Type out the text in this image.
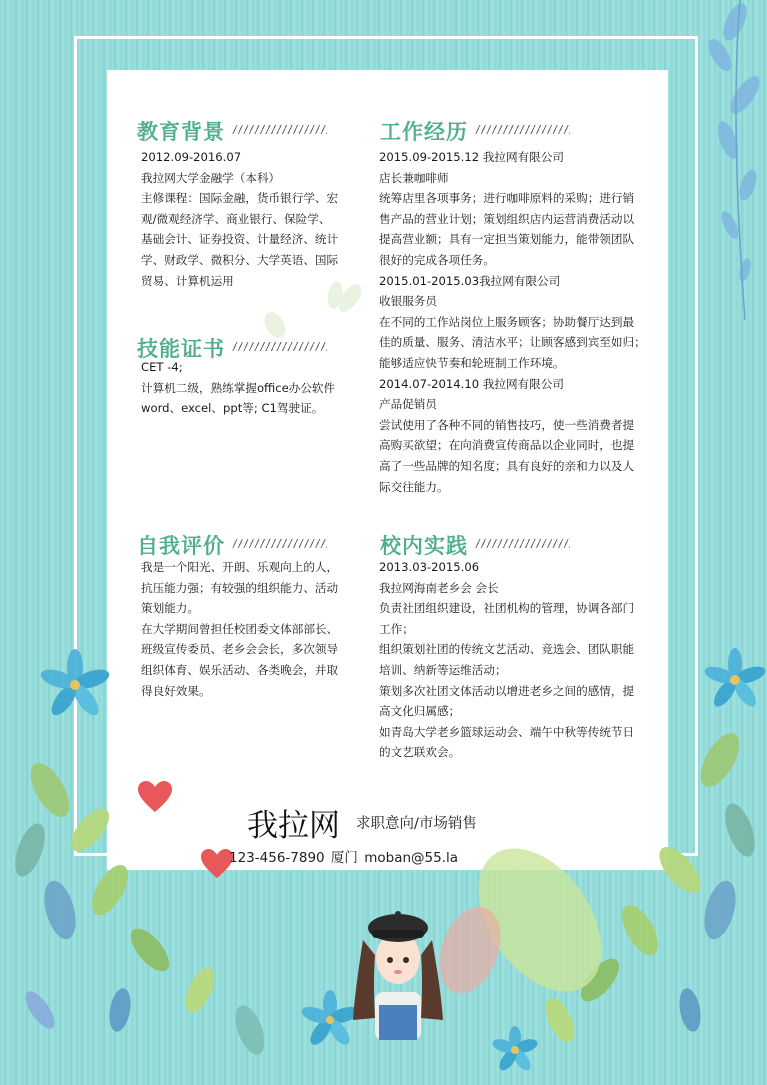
教育背景
2012.09-2016.07
我拉网大学金融学（本科）
主修课程：国际金融，货币银行学、宏
观/微观经济学、商业银行、保险学、
基础会计、证券投资、计量经济、统计
学、财政学、微积分、大学英语、国际
贸易、计算机运用
技能证书
CET -4;
计算机二级，熟练掌握office办公软件
word、excel、ppt等; C1驾驶证。
自我评价
我是一个阳光、开朗、乐观向上的人，
抗压能力强；有较强的组织能力、活动
策划能力。
在大学期间曾担任校团委文体部部长、
班级宣传委员、老乡会会长，多次领导
组织体育、娱乐活动、各类晚会，并取
得良好效果。
工作经历
2015.09-2015.12 我拉网有限公司
店长兼咖啡师
统筹店里各项事务；进行咖啡原料的采购；进行销
售产品的营业计划；策划组织店内运营消费活动以
提高营业额；具有一定担当策划能力，能带领团队
很好的完成各项任务。
2015.01-2015.03我拉网有限公司
收银服务员
在不同的工作站岗位上服务顾客；协助餐厅达到最
佳的质量、服务、清洁水平；让顾客感到宾至如归；
能够适应快节奏和轮班制工作环境。
2014.07-2014.10 我拉网有限公司
产品促销员
尝试使用了各种不同的销售技巧，使一些消费者提
高购买欲望；在向消费宣传商品以企业同时，也提
高了一些品牌的知名度；具有良好的亲和力以及人
际交往能力。
校内实践
2013.03-2015.06
我拉网海南老乡会 会长
负责社团组织建设，社团机构的管理，协调各部门
工作；
组织策划社团的传统文艺活动、竞选会、团队职能
培训、纳新等运维活动；
策划多次社团文体活动以增进老乡之间的感情，提
高文化归属感；
如青岛大学老乡篮球运动会、端午中秋等传统节日
的文艺联欢会。
我拉网 求职意向/市场销售
123-456-7890 厦门 moban@55.la
